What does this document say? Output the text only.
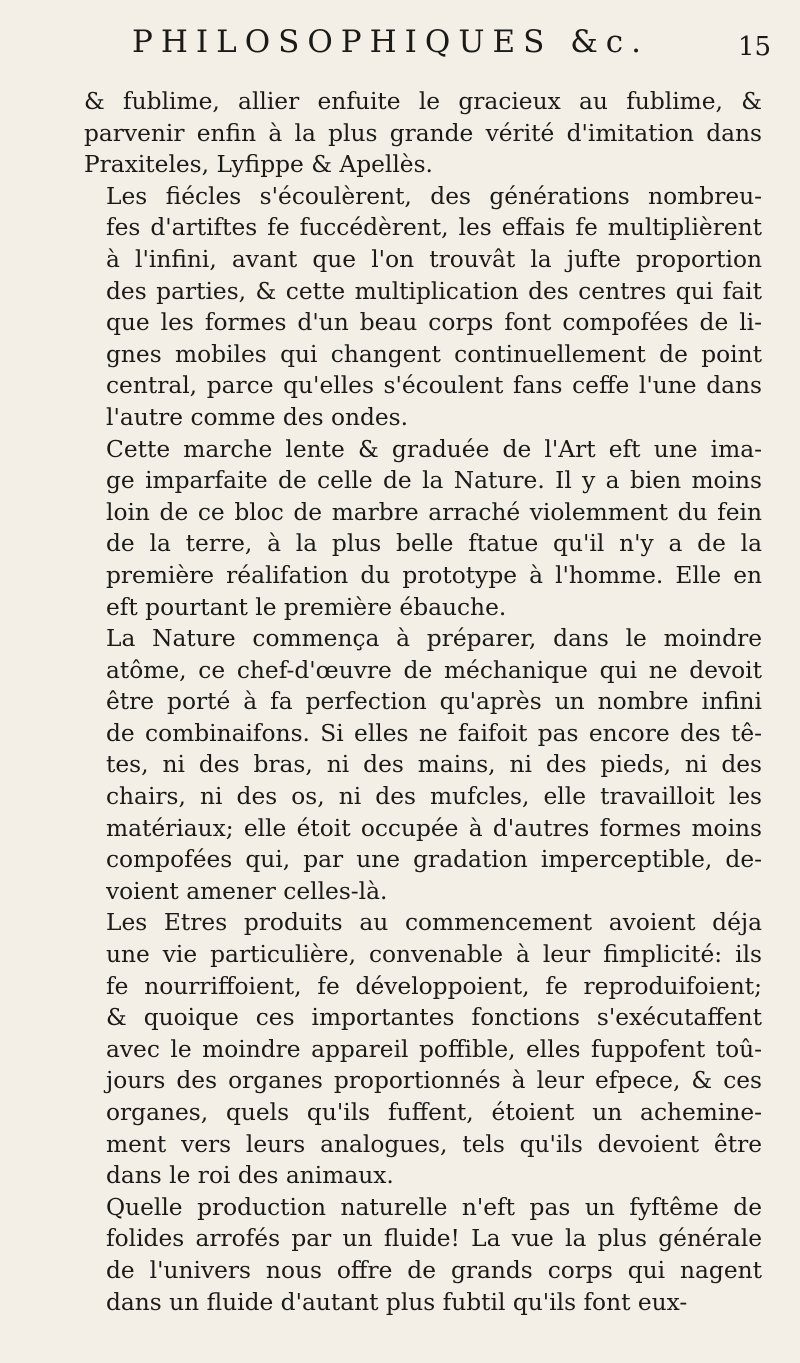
PHILOSOPHIQUES &c.	15

& fublime, allier enfuite le gracieux au fublime, &
parvenir enfin à la plus grande vérité d'imitation dans
Praxiteles, Lyfippe & Apellès.

Les fiécles s'écoulèrent, des générations nombreu-
fes d'artiftes fe fuccédèrent, les effais fe multiplièrent
à l'infini, avant que l'on trouvât la jufte proportion
des parties, & cette multiplication des centres qui fait
que les formes d'un beau corps font compofées de li-
gnes mobiles qui changent continuellement de point
central, parce qu'elles s'écoulent fans ceffe l'une dans
l'autre comme des ondes.

Cette marche lente & graduée de l'Art eft une ima-
ge imparfaite de celle de la Nature. Il y a bien moins
loin de ce bloc de marbre arraché violemment du fein
de la terre, à la plus belle ftatue qu'il n'y a de la
première réalifation du prototype à l'homme. Elle en
eft pourtant le première ébauche.

La Nature commença à préparer, dans le moindre
atôme, ce chef-d'œuvre de méchanique qui ne devoit
être porté à fa perfection qu'après un nombre infini
de combinaifons. Si elles ne faifoit pas encore des tê-
tes, ni des bras, ni des mains, ni des pieds, ni des
chairs, ni des os, ni des mufcles, elle travailloit les
matériaux; elle étoit occupée à d'autres formes moins
compofées qui, par une gradation imperceptible, de-
voient amener celles-là.

Les Etres produits au commencement avoient déja
une vie particulière, convenable à leur fimplicité: ils
fe nourriffoient, fe développoient, fe reproduifoient;
& quoique ces importantes fonctions s'exécutaffent
avec le moindre appareil poffible, elles fuppofent toû-
jours des organes proportionnés à leur efpece, & ces
organes, quels qu'ils fuffent, étoient un achemine-
ment vers leurs analogues, tels qu'ils devoient être
dans le roi des animaux.

Quelle production naturelle n'eft pas un fyftême de
folides arrofés par un fluide! La vue la plus générale
de l'univers nous offre de grands corps qui nagent
dans un fluide d'autant plus fubtil qu'ils font eux-
